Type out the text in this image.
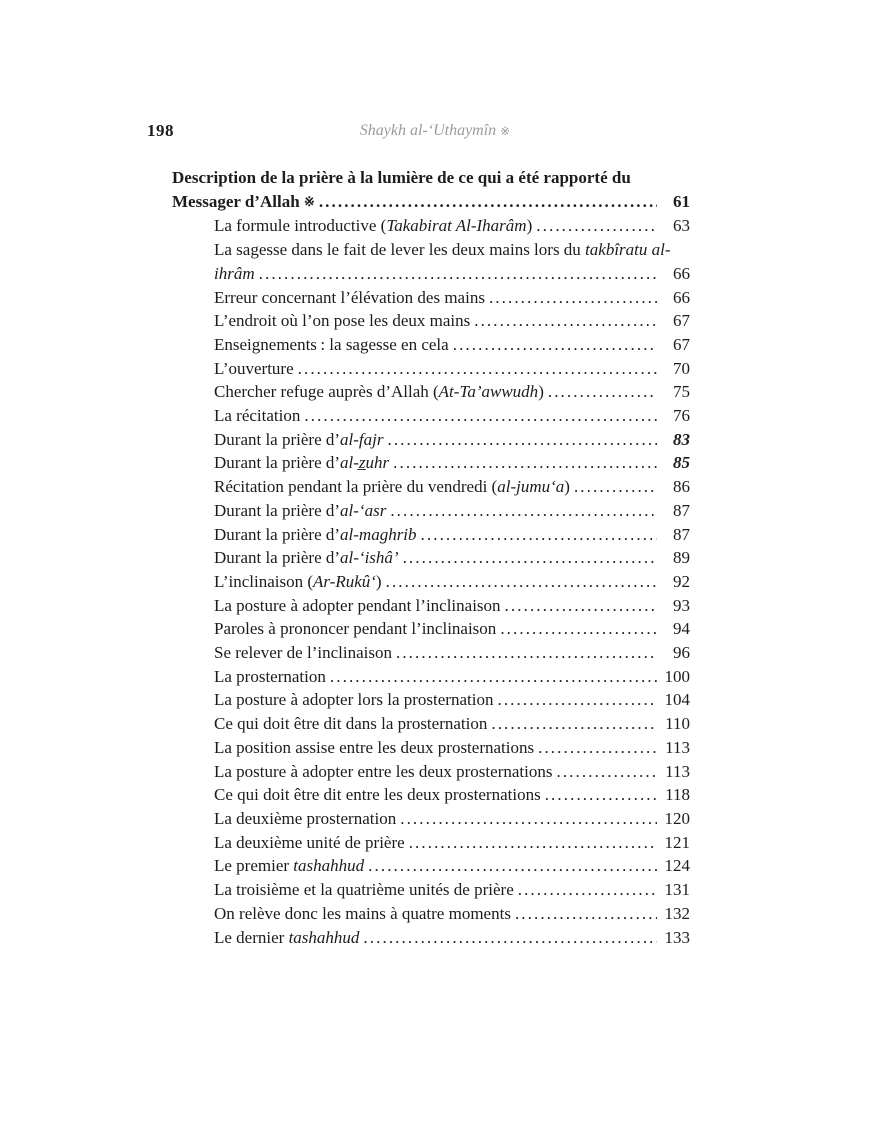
198	Shaykh al-‘Uthaymîn ※
Description de la prière à la lumière de ce qui a été rapporté du
Messager d’Allah ※ .....	61
La formule introductive (Takabirat Al-Iharâm) .....	63
La sagesse dans le fait de lever les deux mains lors du takbîratu al-
ihrâm .....	66
Erreur concernant l’élévation des mains .....	66
L’endroit où l’on pose les deux mains .....	67
Enseignements : la sagesse en cela .....	67
L’ouverture .....	70
Chercher refuge auprès d’Allah (At-Ta’awwudh) .....	75
La récitation .....	76
Durant la prière d’al-fajr .....	83
Durant la prière d’al-z̲uhr .....	85
Récitation pendant la prière du vendredi (al-jumu‘a) .....	86
Durant la prière d’al-‘asr .....	87
Durant la prière d’al-maghrib .....	87
Durant la prière d’al-‘ishâ’ .....	89
L’inclinaison (Ar-Rukû‘) .....	92
La posture à adopter pendant l’inclinaison .....	93
Paroles à prononcer pendant l’inclinaison .....	94
Se relever de l’inclinaison .....	96
La prosternation .....	100
La posture à adopter lors la prosternation .....	104
Ce qui doit être dit dans la prosternation .....	110
La position assise entre les deux prosternations .....	113
La posture à adopter entre les deux prosternations .....	113
Ce qui doit être dit entre les deux prosternations .....	118
La deuxième prosternation .....	120
La deuxième unité de prière .....	121
Le premier tashahhud .....	124
La troisième et la quatrième unités de prière .....	131
On relève donc les mains à quatre moments .....	132
Le dernier tashahhud .....	133
